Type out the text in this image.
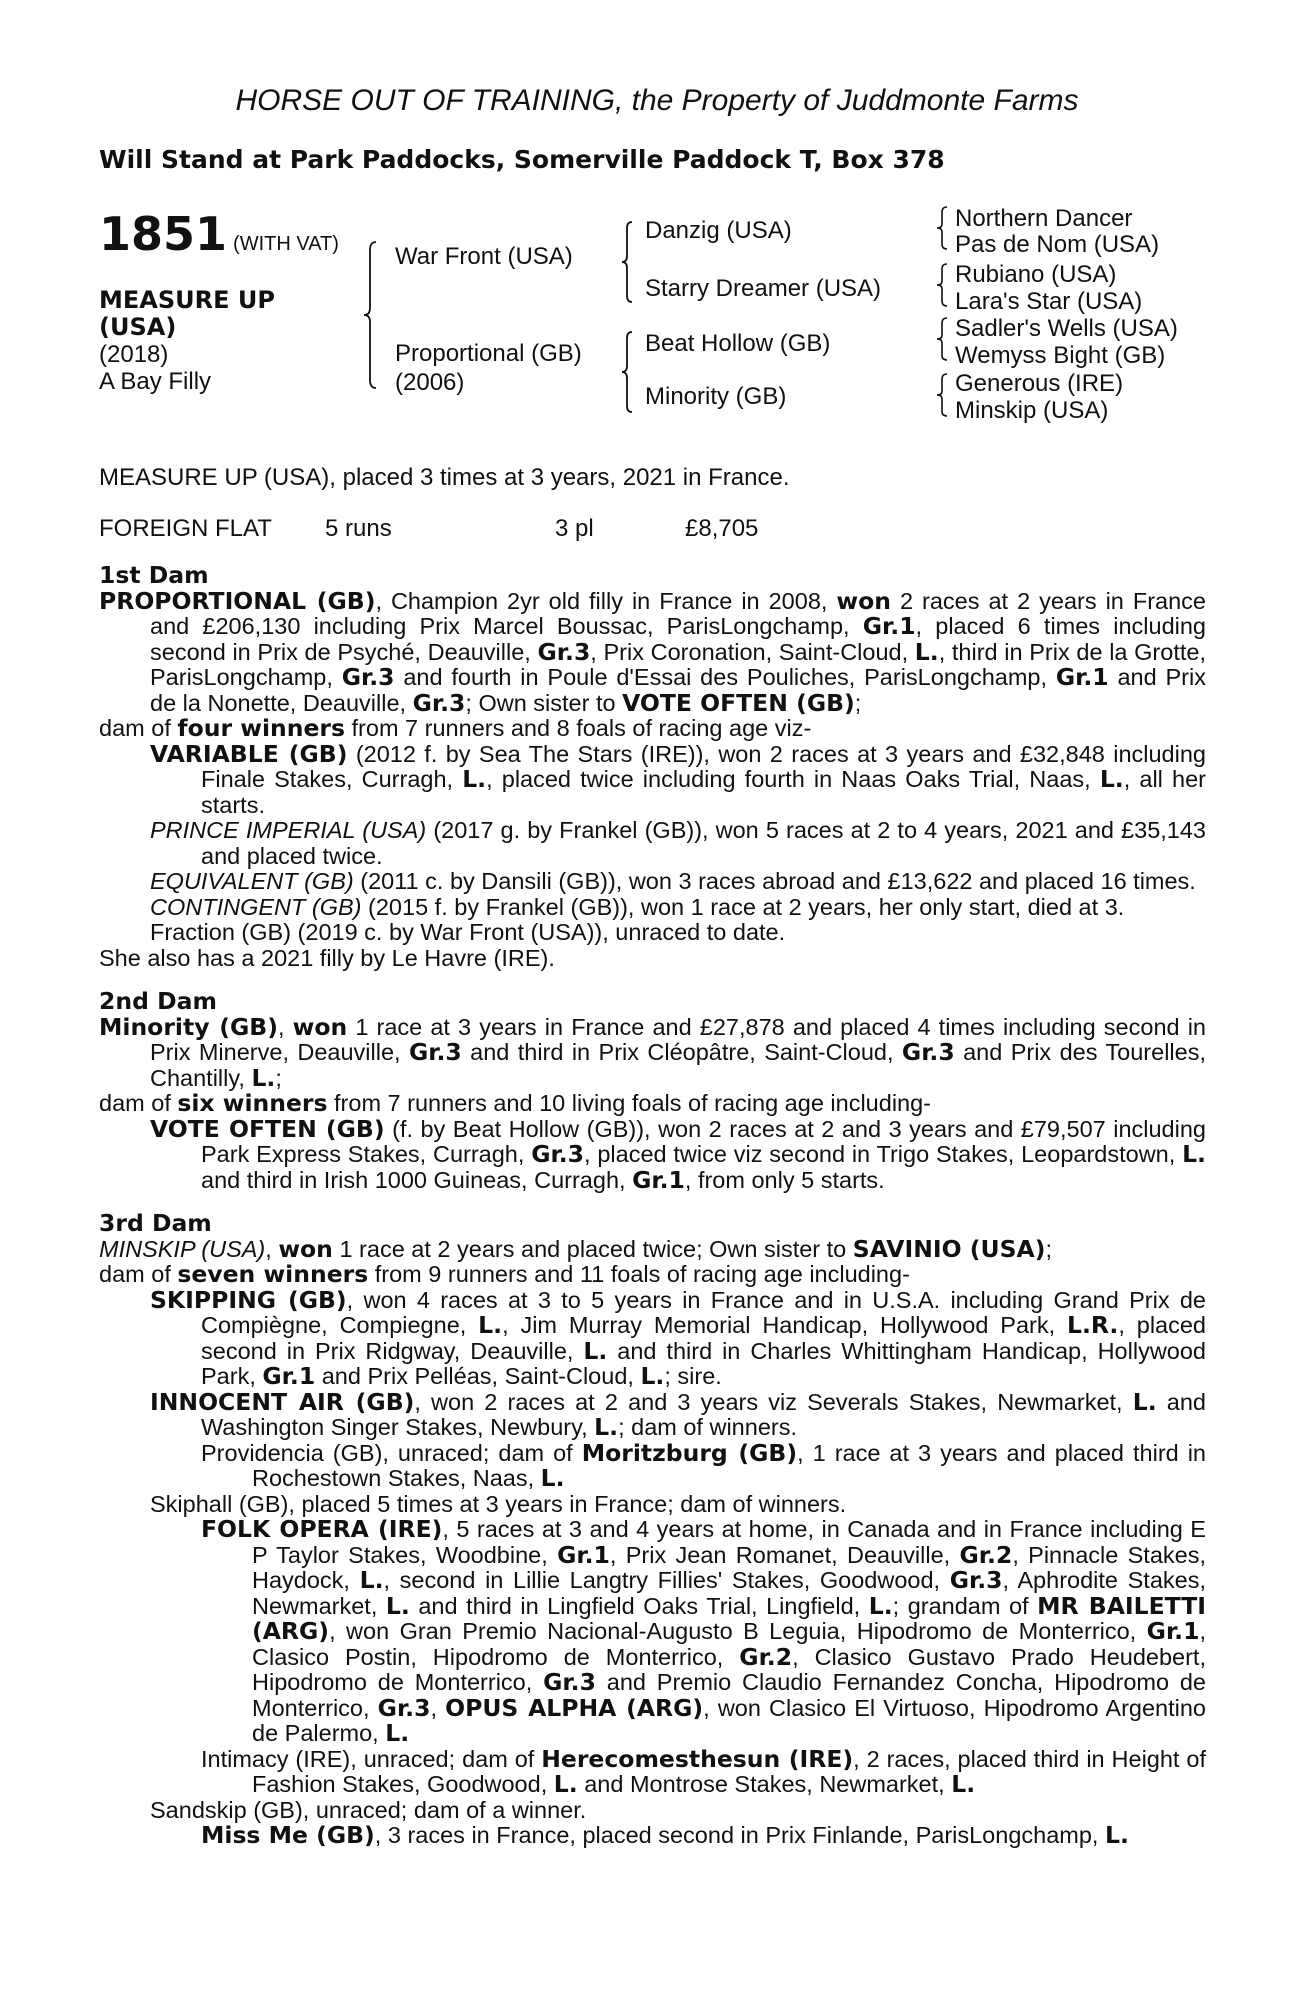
HORSE OUT OF TRAINING, the Property of Juddmonte Farms
Will Stand at Park Paddocks, Somerville Paddock T, Box 378
1851 (WITH VAT)
MEASURE UP
(USA)
(2018)
A Bay Filly
War Front (USA)
Proportional (GB)
(2006)
Danzig (USA)
Starry Dreamer (USA)
Beat Hollow (GB)
Minority (GB)
Northern Dancer
Pas de Nom (USA)
Rubiano (USA)
Lara's Star (USA)
Sadler's Wells (USA)
Wemyss Bight (GB)
Generous (IRE)
Minskip (USA)
MEASURE UP (USA), placed 3 times at 3 years, 2021 in France.
FOREIGN FLAT 5 runs	3 pl	£8,705
1st Dam
PROPORTIONAL (GB), Champion 2yr old filly in France in 2008, won 2 races at 2 years in France and £206,130 including Prix Marcel Boussac, ParisLongchamp, Gr.1, placed 6 times including second in Prix de Psyché, Deauville, Gr.3, Prix Coronation, Saint-Cloud, L., third in Prix de la Grotte, ParisLongchamp, Gr.3 and fourth in Poule d'Essai des Pouliches, ParisLongchamp, Gr.1 and Prix de la Nonette, Deauville, Gr.3; Own sister to VOTE OFTEN (GB);
dam of four winners from 7 runners and 8 foals of racing age viz-
VARIABLE (GB) (2012 f. by Sea The Stars (IRE)), won 2 races at 3 years and £32,848 including Finale Stakes, Curragh, L., placed twice including fourth in Naas Oaks Trial, Naas, L., all her starts.
PRINCE IMPERIAL (USA) (2017 g. by Frankel (GB)), won 5 races at 2 to 4 years, 2021 and £35,143 and placed twice.
EQUIVALENT (GB) (2011 c. by Dansili (GB)), won 3 races abroad and £13,622 and placed 16 times.
CONTINGENT (GB) (2015 f. by Frankel (GB)), won 1 race at 2 years, her only start, died at 3.
Fraction (GB) (2019 c. by War Front (USA)), unraced to date.
She also has a 2021 filly by Le Havre (IRE).
2nd Dam
Minority (GB), won 1 race at 3 years in France and £27,878 and placed 4 times including second in Prix Minerve, Deauville, Gr.3 and third in Prix Cléopâtre, Saint-Cloud, Gr.3 and Prix des Tourelles, Chantilly, L.;
dam of six winners from 7 runners and 10 living foals of racing age including-
VOTE OFTEN (GB) (f. by Beat Hollow (GB)), won 2 races at 2 and 3 years and £79,507 including Park Express Stakes, Curragh, Gr.3, placed twice viz second in Trigo Stakes, Leopardstown, L. and third in Irish 1000 Guineas, Curragh, Gr.1, from only 5 starts.
3rd Dam
MINSKIP (USA), won 1 race at 2 years and placed twice; Own sister to SAVINIO (USA);
dam of seven winners from 9 runners and 11 foals of racing age including-
SKIPPING (GB), won 4 races at 3 to 5 years in France and in U.S.A. including Grand Prix de Compiègne, Compiegne, L., Jim Murray Memorial Handicap, Hollywood Park, L.R., placed second in Prix Ridgway, Deauville, L. and third in Charles Whittingham Handicap, Hollywood Park, Gr.1 and Prix Pelléas, Saint-Cloud, L.; sire.
INNOCENT AIR (GB), won 2 races at 2 and 3 years viz Severals Stakes, Newmarket, L. and Washington Singer Stakes, Newbury, L.; dam of winners.
Providencia (GB), unraced; dam of Moritzburg (GB), 1 race at 3 years and placed third in Rochestown Stakes, Naas, L.
Skiphall (GB), placed 5 times at 3 years in France; dam of winners.
FOLK OPERA (IRE), 5 races at 3 and 4 years at home, in Canada and in France including E P Taylor Stakes, Woodbine, Gr.1, Prix Jean Romanet, Deauville, Gr.2, Pinnacle Stakes, Haydock, L., second in Lillie Langtry Fillies' Stakes, Goodwood, Gr.3, Aphrodite Stakes, Newmarket, L. and third in Lingfield Oaks Trial, Lingfield, L.; grandam of MR BAILETTI (ARG), won Gran Premio Nacional-Augusto B Leguia, Hipodromo de Monterrico, Gr.1, Clasico Postin, Hipodromo de Monterrico, Gr.2, Clasico Gustavo Prado Heudebert, Hipodromo de Monterrico, Gr.3 and Premio Claudio Fernandez Concha, Hipodromo de Monterrico, Gr.3, OPUS ALPHA (ARG), won Clasico El Virtuoso, Hipodromo Argentino de Palermo, L.
Intimacy (IRE), unraced; dam of Herecomesthesun (IRE), 2 races, placed third in Height of Fashion Stakes, Goodwood, L. and Montrose Stakes, Newmarket, L.
Sandskip (GB), unraced; dam of a winner.
Miss Me (GB), 3 races in France, placed second in Prix Finlande, ParisLongchamp, L.
